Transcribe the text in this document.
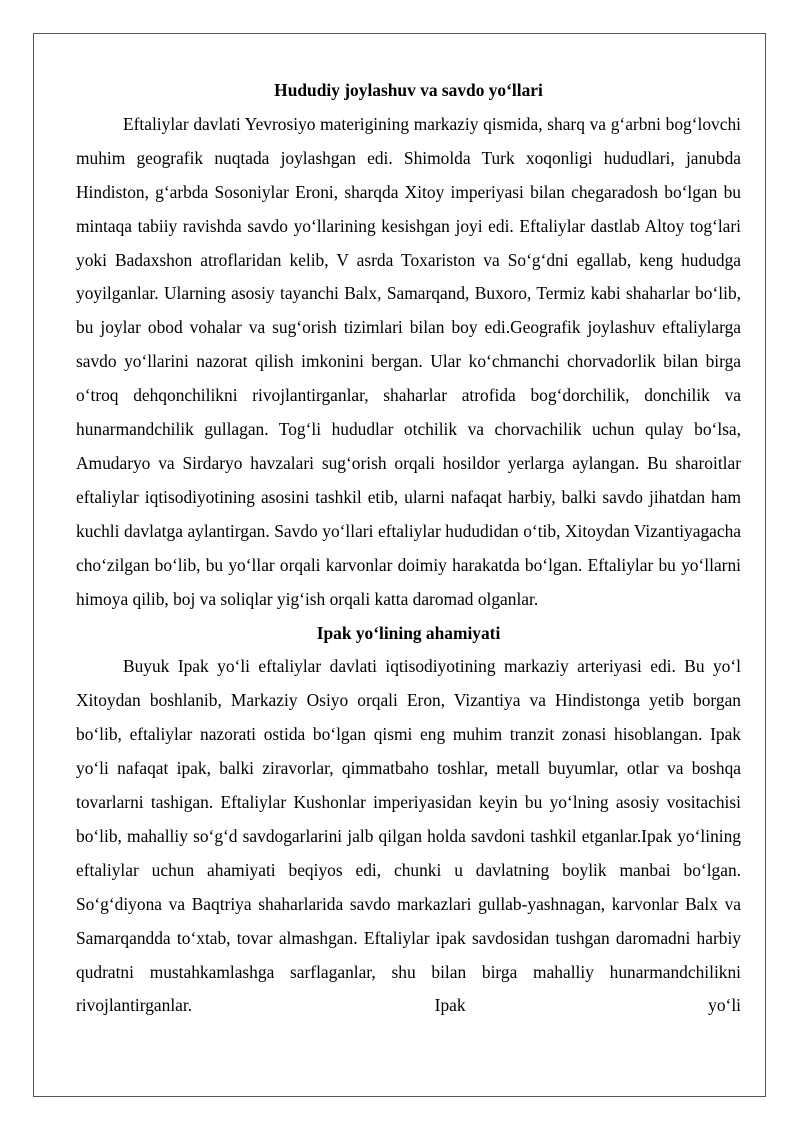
Hududiy joylashuv va savdo yo‘llari

Eftaliylar davlati Yevrosiyo materigining markaziy qismida, sharq va g‘arbni bog‘lovchi muhim geografik nuqtada joylashgan edi. Shimolda Turk xoqonligi hududlari, janubda Hindiston, g‘arbda Sosoniylar Eroni, sharqda Xitoy imperiyasi bilan chegaradosh bo‘lgan bu mintaqa tabiiy ravishda savdo yo‘llarining kesishgan joyi edi. Eftaliylar dastlab Altoy tog‘lari yoki Badaxshon atroflaridan kelib, V asrda Toxariston va So‘g‘dni egallab, keng hududga yoyilganlar. Ularning asosiy tayanchi Balx, Samarqand, Buxoro, Termiz kabi shaharlar bo‘lib, bu joylar obod vohalar va sug‘orish tizimlari bilan boy edi.Geografik joylashuv eftaliylarga savdo yo‘llarini nazorat qilish imkonini bergan. Ular ko‘chmanchi chorvadorlik bilan birga o‘troq dehqonchilikni rivojlantirganlar, shaharlar atrofida bog‘dorchilik, donchilik va hunarmandchilik gullagan. Tog‘li hududlar otchilik va chorvachilik uchun qulay bo‘lsa, Amudaryo va Sirdaryo havzalari sug‘orish orqali hosildor yerlarga aylangan. Bu sharoitlar eftaliylar iqtisodiyotining asosini tashkil etib, ularni nafaqat harbiy, balki savdo jihatdan ham kuchli davlatga aylantirgan. Savdo yo‘llari eftaliylar hududidan o‘tib, Xitoydan Vizantiyagacha cho‘zilgan bo‘lib, bu yo‘llar orqali karvonlar doimiy harakatda bo‘lgan. Eftaliylar bu yo‘llarni himoya qilib, boj va soliqlar yig‘ish orqali katta daromad olganlar.

Ipak yo‘lining ahamiyati

Buyuk Ipak yo‘li eftaliylar davlati iqtisodiyotining markaziy arteriyasi edi. Bu yo‘l Xitoydan boshlanib, Markaziy Osiyo orqali Eron, Vizantiya va Hindistonga yetib borgan bo‘lib, eftaliylar nazorati ostida bo‘lgan qismi eng muhim tranzit zonasi hisoblangan. Ipak yo‘li nafaqat ipak, balki ziravorlar, qimmatbaho toshlar, metall buyumlar, otlar va boshqa tovarlarni tashigan. Eftaliylar Kushonlar imperiyasidan keyin bu yo‘lning asosiy vositachisi bo‘lib, mahalliy so‘g‘d savdogarlarini jalb qilgan holda savdoni tashkil etganlar.Ipak yo‘lining eftaliylar uchun ahamiyati beqiyos edi, chunki u davlatning boylik manbai bo‘lgan. So‘g‘diyona va Baqtriya shaharlarida savdo markazlari gullab-yashnagan, karvonlar Balx va Samarqandda to‘xtab, tovar almashgan. Eftaliylar ipak savdosidan tushgan daromadni harbiy qudratni mustahkamlashga sarflaganlar, shu bilan birga mahalliy hunarmandchilikni rivojlantirganlar. Ipak yo‘li
